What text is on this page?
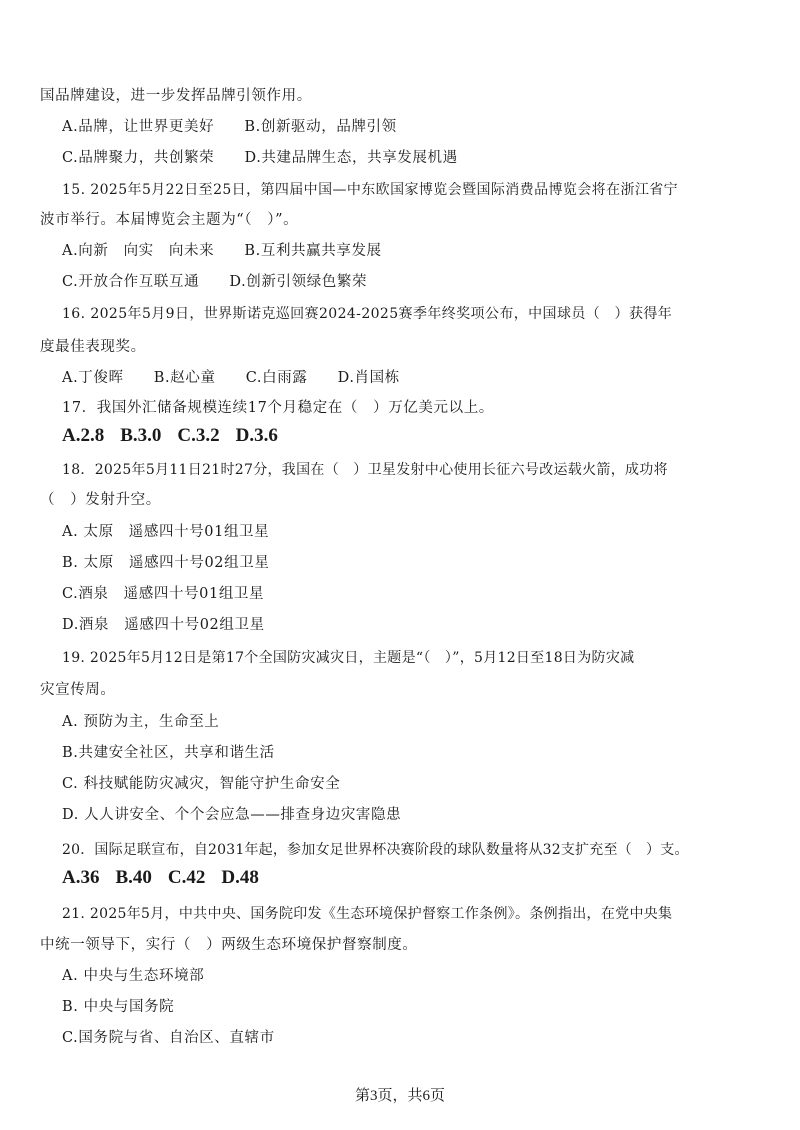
国品牌建设，进一步发挥品牌引领作用。
A.品牌，让世界更美好　　B.创新驱动，品牌引领
C.品牌聚力，共创繁荣　　D.共建品牌生态，共享发展机遇
15. 2025年5月22日至25日，第四届中国—中东欧国家博览会暨国际消费品博览会将在浙江省宁
波市举行。本届博览会主题为“（　）”。
A.向新　向实　向未来　　B.互利共赢共享发展
C.开放合作互联互通　　D.创新引领绿色繁荣
16. 2025年5月9日，世界斯诺克巡回赛2024-2025赛季年终奖项公布，中国球员（　）获得年
度最佳表现奖。
A.丁俊晖　　B.赵心童　　C.白雨露　　D.肖国栋
17．我国外汇储备规模连续17个月稳定在（　）万亿美元以上。
A.2.8 B.3.0 C.3.2 D.3.6
18．2025年5月11日21时27分，我国在（　）卫星发射中心使用长征六号改运载火箭，成功将
（　）发射升空。
A. 太原　遥感四十号01组卫星
B. 太原　遥感四十号02组卫星
C.酒泉　遥感四十号01组卫星
D.酒泉　遥感四十号02组卫星
19. 2025年5月12日是第17个全国防灾减灾日，主题是“（　）”，5月12日至18日为防灾减
灾宣传周。
A. 预防为主，生命至上
B.共建安全社区，共享和谐生活
C. 科技赋能防灾减灾，智能守护生命安全
D. 人人讲安全、个个会应急——排查身边灾害隐患
20．国际足联宣布，自2031年起，参加女足世界杯决赛阶段的球队数量将从32支扩充至（　）支。
A.36 B.40 C.42 D.48
21. 2025年5月，中共中央、国务院印发《生态环境保护督察工作条例》。条例指出，在党中央集
中统一领导下，实行（　）两级生态环境保护督察制度。
A. 中央与生态环境部
B. 中央与国务院
C.国务院与省、自治区、直辖市
第3页，共6页
